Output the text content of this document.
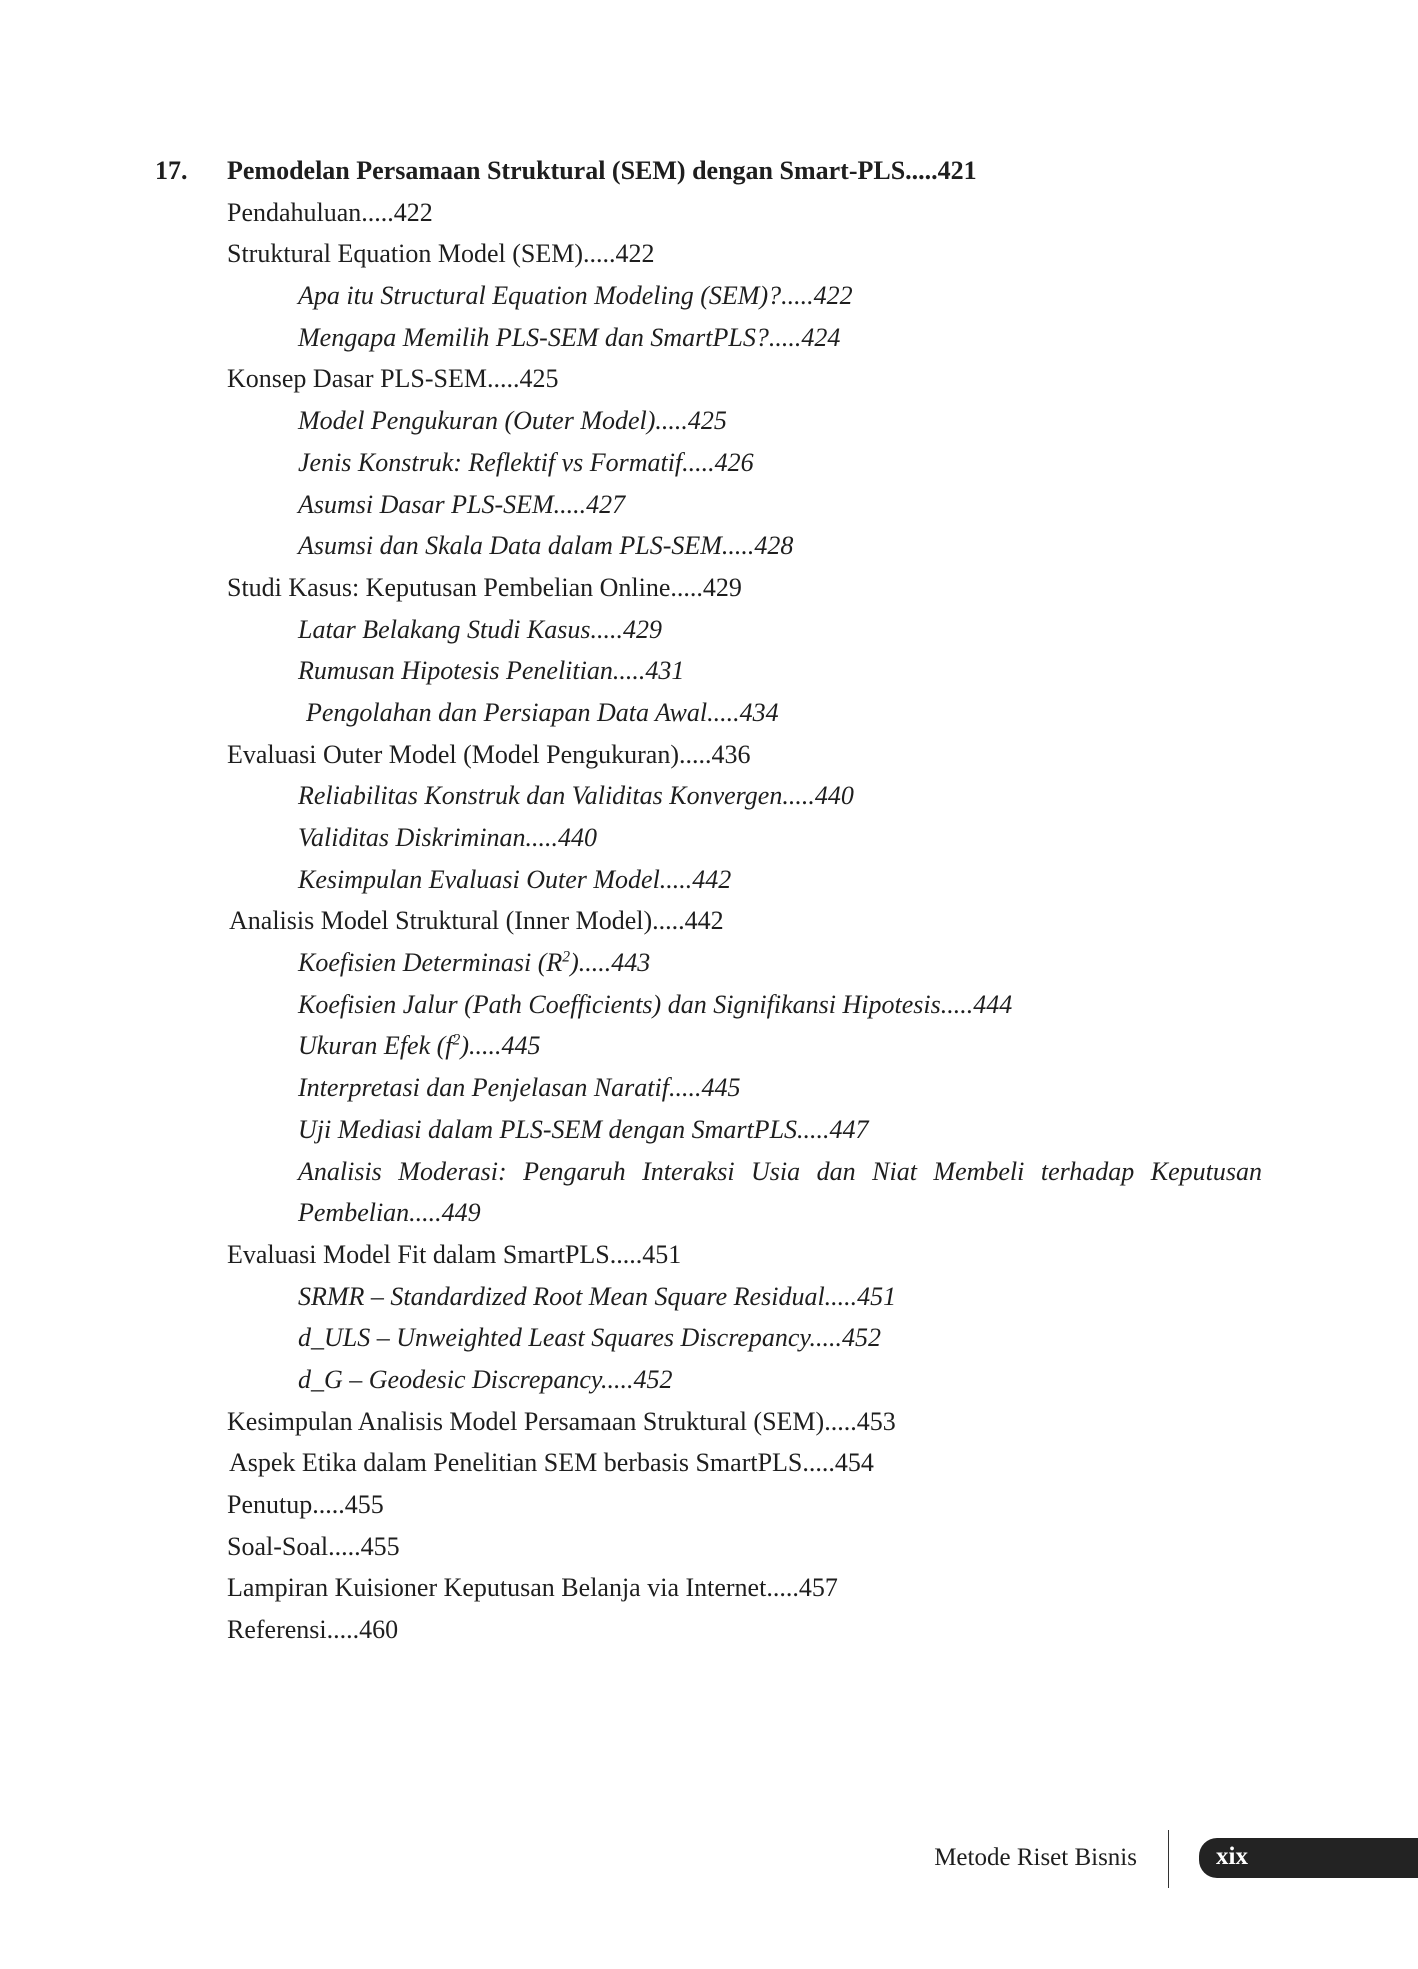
17. Pemodelan Persamaan Struktural (SEM) dengan Smart-PLS.....421
Pendahuluan.....422
Struktural Equation Model (SEM).....422
Apa itu Structural Equation Modeling (SEM)?.....422
Mengapa Memilih PLS-SEM dan SmartPLS?.....424
Konsep Dasar PLS-SEM.....425
Model Pengukuran (Outer Model).....425
Jenis Konstruk: Reflektif vs Formatif.....426
Asumsi Dasar PLS-SEM.....427
Asumsi dan Skala Data dalam PLS-SEM.....428
Studi Kasus: Keputusan Pembelian Online.....429
Latar Belakang Studi Kasus.....429
Rumusan Hipotesis Penelitian.....431
Pengolahan dan Persiapan Data Awal.....434
Evaluasi Outer Model (Model Pengukuran).....436
Reliabilitas Konstruk dan Validitas Konvergen.....440
Validitas Diskriminan.....440
Kesimpulan Evaluasi Outer Model.....442
Analisis Model Struktural (Inner Model).....442
Koefisien Determinasi $(R^2).....443$
Koefisien Jalur (Path Coefficients) dan Signifikansi Hipotesis.....444
Ukuran Efek $(f^2).....445$
Interpretasi dan Penjelasan Naratif.....445
Uji Mediasi dalam PLS-SEM dengan SmartPLS.....447
Analisis Moderasi: Pengaruh Interaksi Usia dan Niat Membeli terhadap Keputusan
Pembelian.....449
Evaluasi Model Fit dalam SmartPLS.....451
SRMR – Standardized Root Mean Square Residual.....451
d_ULS – Unweighted Least Squares Discrepancy.....452
d_G – Geodesic Discrepancy.....452
Kesimpulan Analisis Model Persamaan Struktural (SEM).....453
Aspek Etika dalam Penelitian SEM berbasis SmartPLS.....454
Penutup.....455
Soal-Soal.....455
Lampiran Kuisioner Keputusan Belanja via Internet.....457
Referensi.....460
Metode Riset Bisnis	xix
